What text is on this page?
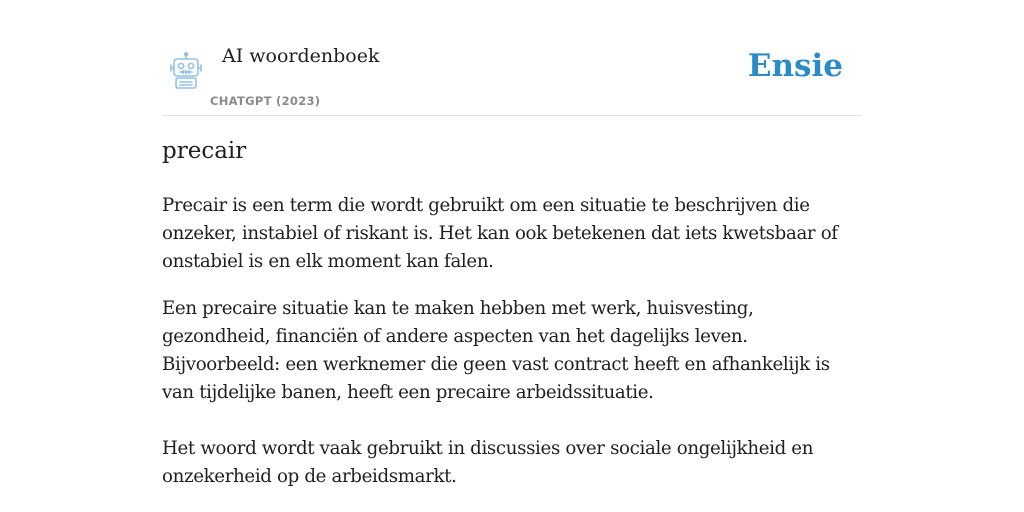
AI woordenboek
CHATGPT (2023)
Ensie
precair

Precair is een term die wordt gebruikt om een situatie te beschrijven die onzeker, instabiel of riskant is. Het kan ook betekenen dat iets kwetsbaar of onstabiel is en elk moment kan falen.

Een precaire situatie kan te maken hebben met werk, huisvesting, gezondheid, financiën of andere aspecten van het dagelijks leven. Bijvoorbeeld: een werknemer die geen vast contract heeft en afhankelijk is van tijdelijke banen, heeft een precaire arbeidssituatie.

Het woord wordt vaak gebruikt in discussies over sociale ongelijkheid en onzekerheid op de arbeidsmarkt.
